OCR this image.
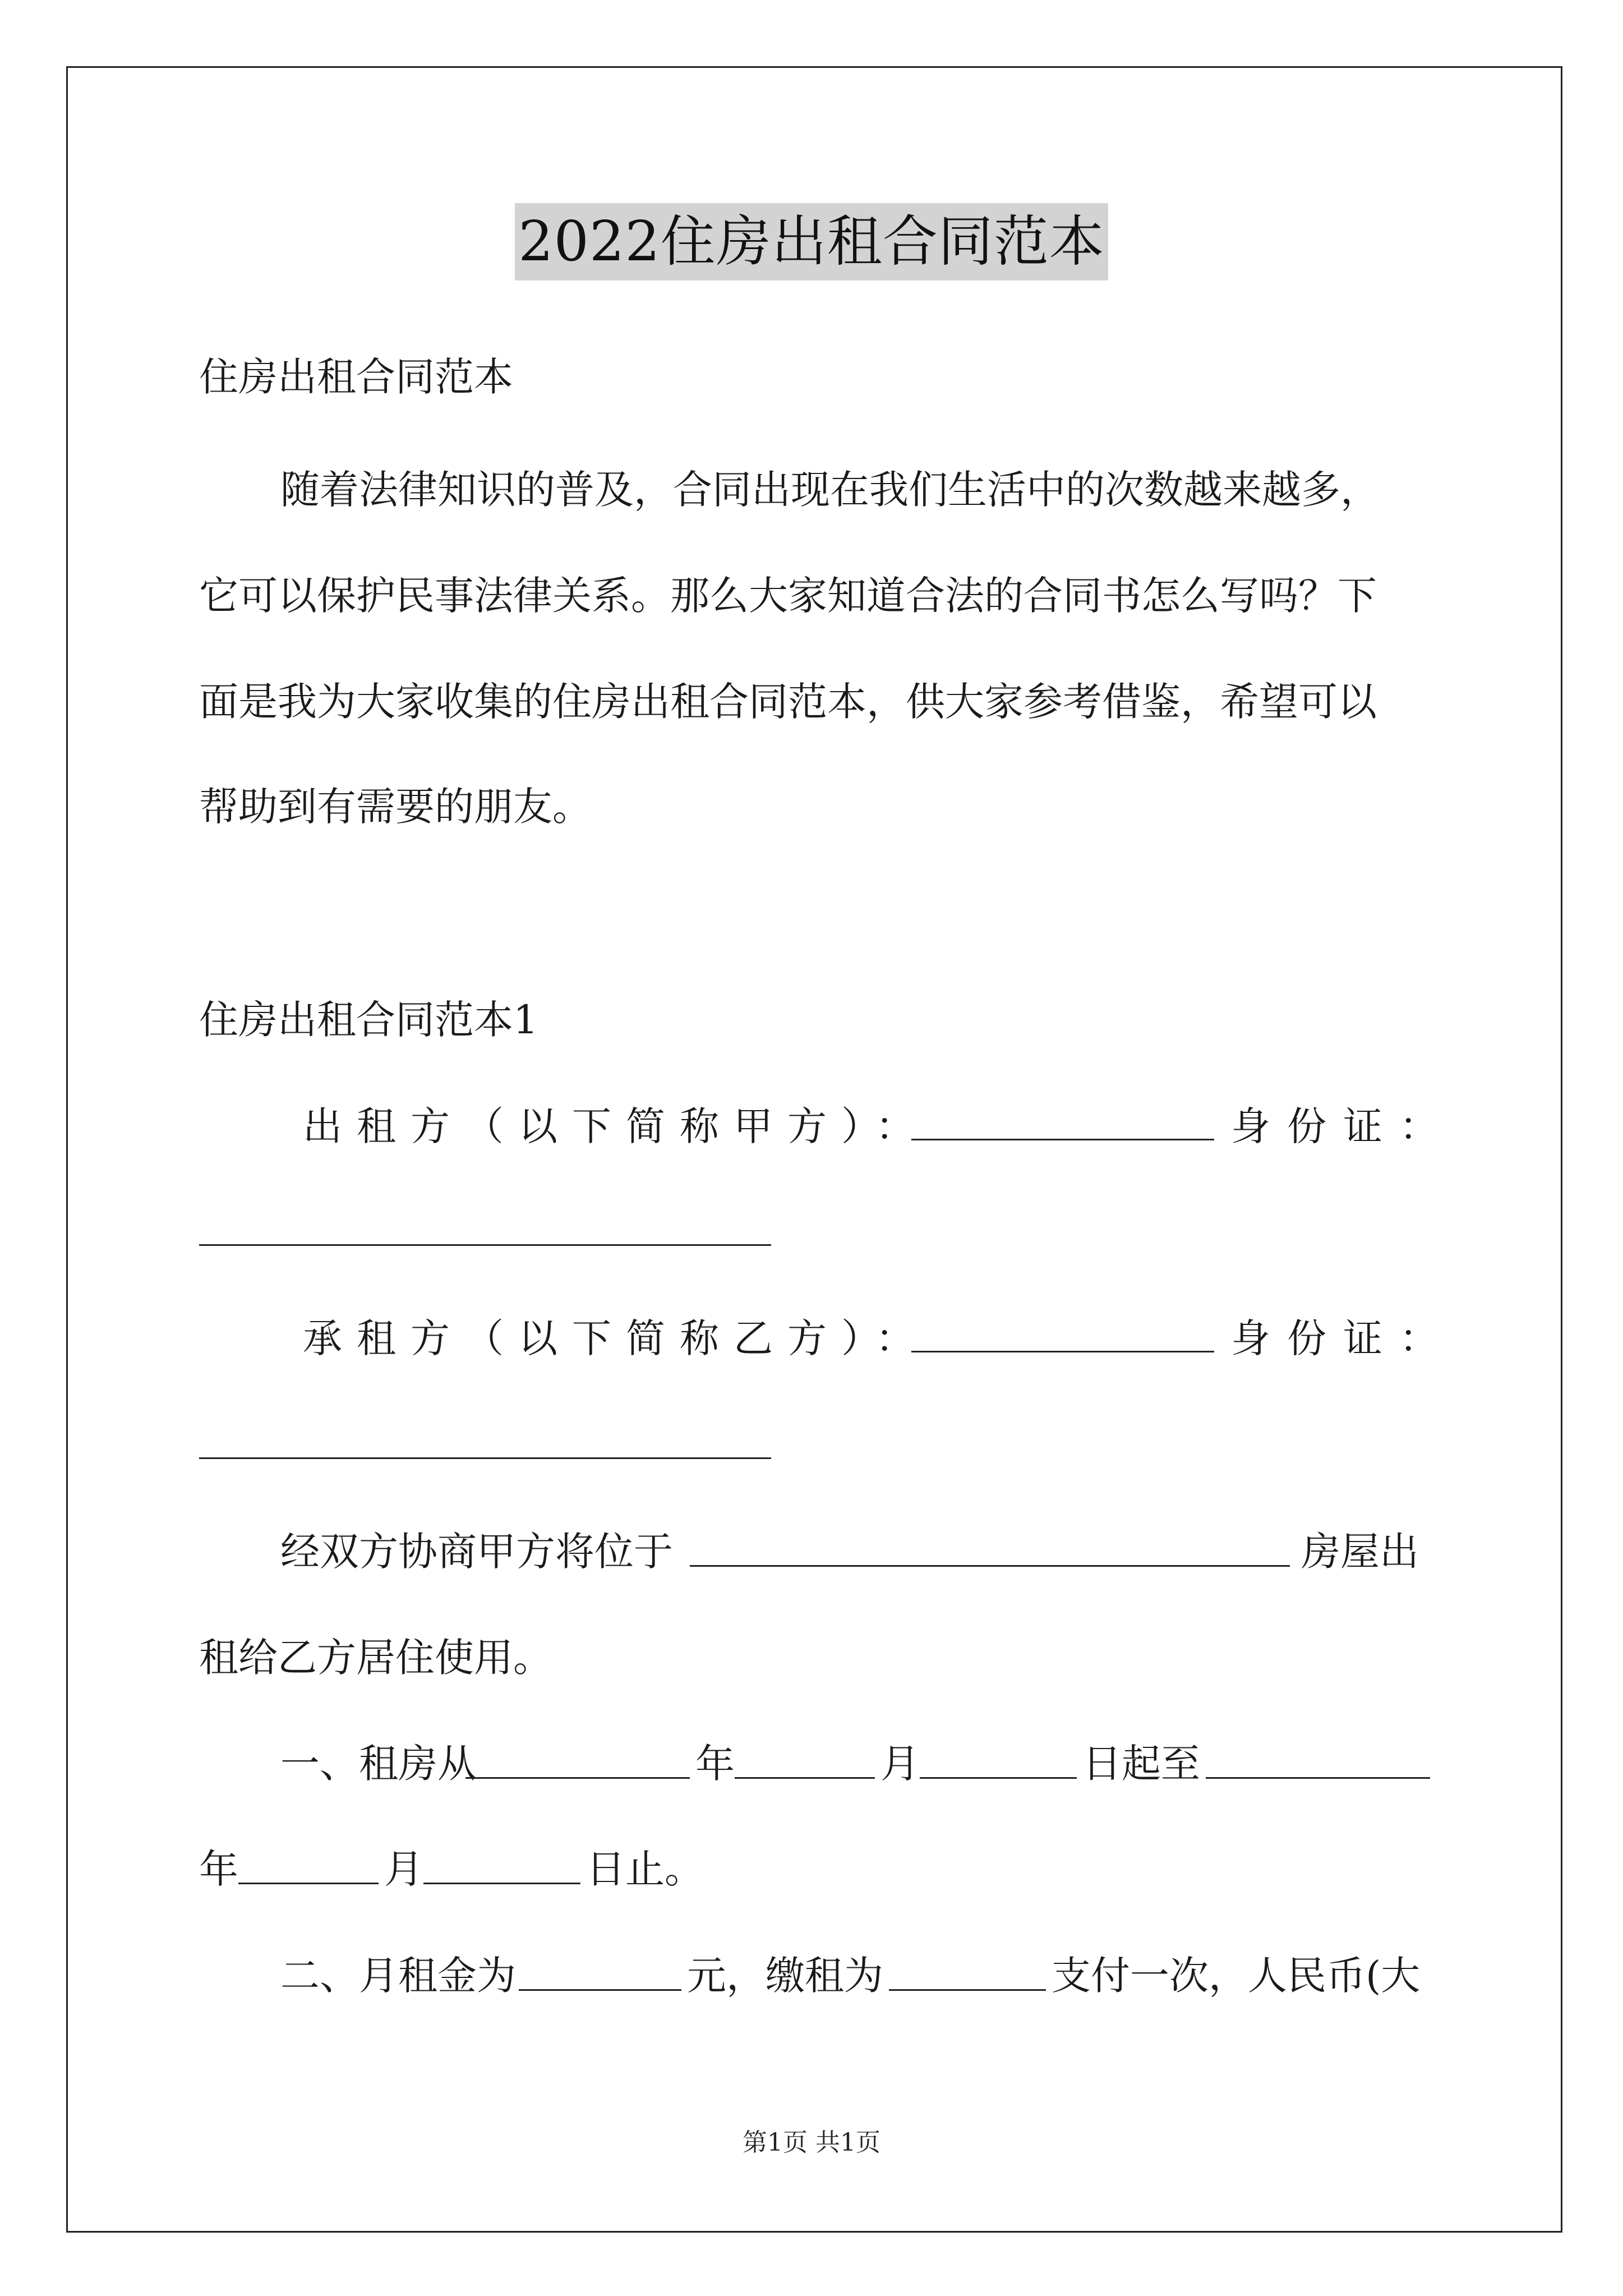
2022住房出租合同范本
住房出租合同范本
随着法律知识的普及，合同出现在我们生活中的次数越来越多，
它可以保护民事法律关系。那么大家知道合法的合同书怎么写吗？下
面是我为大家收集的住房出租合同范本，供大家参考借鉴，希望可以
帮助到有需要的朋友。
住房出租合同范本1
出租方（以下简称甲方）：	身份证：
承租方（以下简称乙方）：	身份证：
经双方协商甲方将位于	房屋出
租给乙方居住使用。
一、租房从	年	月	日起至
年	月	日止。
二、月租金为	元，缴租为	支付一次，人民币(大
第1页 共1页
